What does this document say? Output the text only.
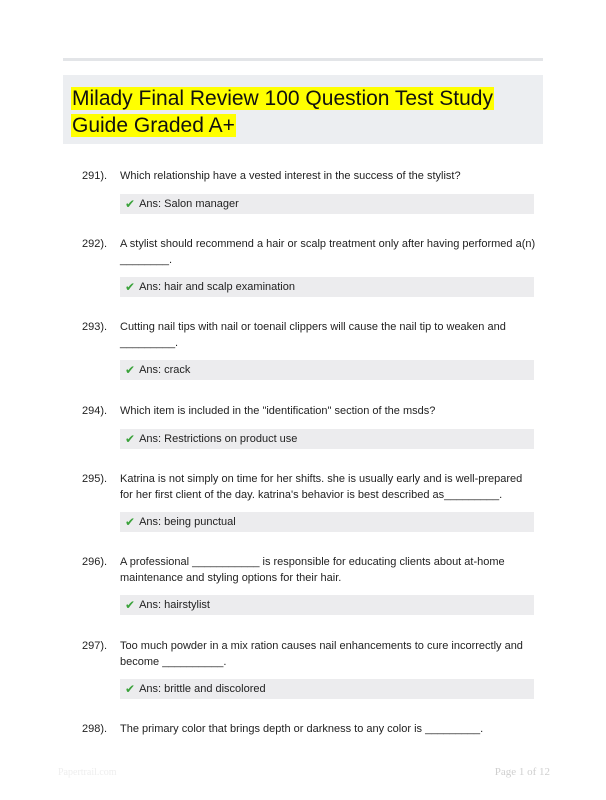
Milady Final Review 100 Question Test Study Guide Graded A+
291). Which relationship have a vested interest in the success of the stylist?
✔ Ans: Salon manager
292). A stylist should recommend a hair or scalp treatment only after having performed a(n) ________.
✔ Ans: hair and scalp examination
293). Cutting nail tips with nail or toenail clippers will cause the nail tip to weaken and _________.
✔ Ans: crack
294). Which item is included in the "identification" section of the msds?
✔ Ans: Restrictions on product use
295). Katrina is not simply on time for her shifts. she is usually early and is well-prepared for her first client of the day. katrina's behavior is best described as_________.
✔ Ans: being punctual
296). A professional ___________ is responsible for educating clients about at-home maintenance and styling options for their hair.
✔ Ans: hairstylist
297). Too much powder in a mix ration causes nail enhancements to cure incorrectly and become __________.
✔ Ans: brittle and discolored
298). The primary color that brings depth or darkness to any color is _________.
Papertrail.com	Page 1 of 12
